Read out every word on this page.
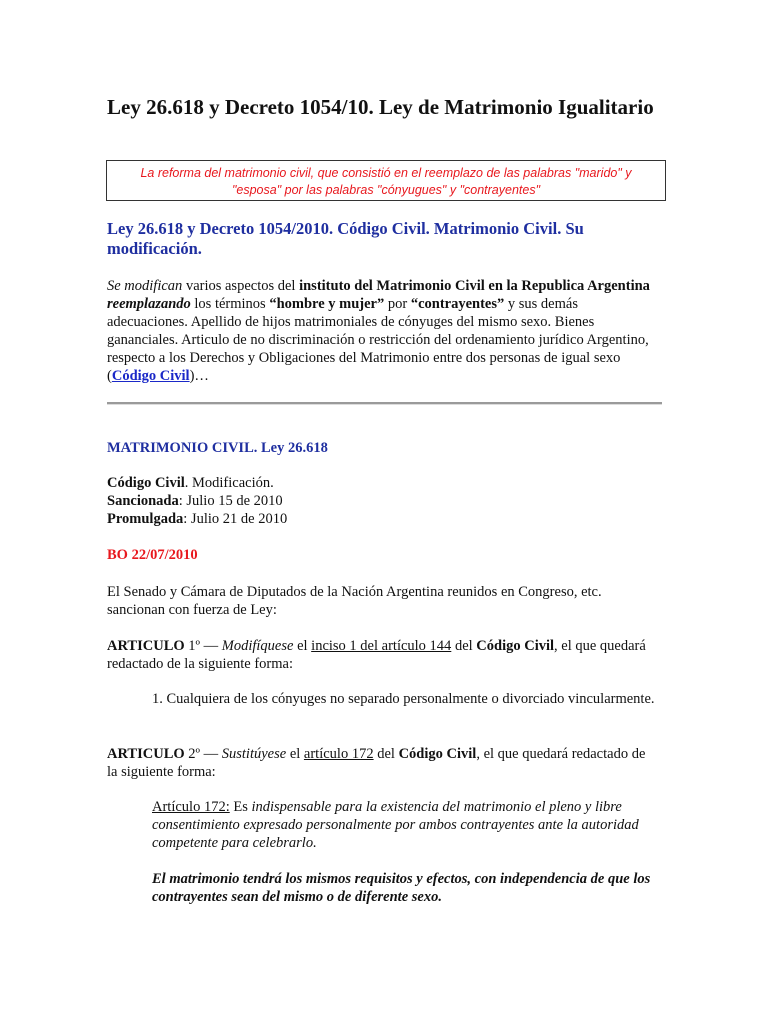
Ley 26.618 y Decreto 1054/10. Ley de Matrimonio Igualitario
La reforma del matrimonio civil, que consistió en el reemplazo de las palabras "marido" y "esposa" por las palabras "cónyugues" y "contrayentes"
Ley 26.618 y Decreto 1054/2010. Código Civil. Matrimonio Civil. Su modificación.

Se modifican varios aspectos del instituto del Matrimonio Civil en la Republica Argentina reemplazando los términos “hombre y mujer” por “contrayentes” y sus demás adecuaciones. Apellido de hijos matrimoniales de cónyuges del mismo sexo. Bienes gananciales. Articulo de no discriminación o restricción del ordenamiento jurídico Argentino, respecto a los Derechos y Obligaciones del Matrimonio entre dos personas de igual sexo (Código Civil)…

MATRIMONIO CIVIL. Ley 26.618

Código Civil. Modificación.
Sancionada: Julio 15 de 2010
Promulgada: Julio 21 de 2010

BO 22/07/2010

El Senado y Cámara de Diputados de la Nación Argentina reunidos en Congreso, etc. sancionan con fuerza de Ley:

ARTICULO 1º — Modifíquese el inciso 1 del artículo 144 del Código Civil, el que quedará redactado de la siguiente forma:

1. Cualquiera de los cónyuges no separado personalmente o divorciado vincularmente.

ARTICULO 2º — Sustitúyese el artículo 172 del Código Civil, el que quedará redactado de la siguiente forma:

Artículo 172: Es indispensable para la existencia del matrimonio el pleno y libre consentimiento expresado personalmente por ambos contrayentes ante la autoridad competente para celebrarlo.

El matrimonio tendrá los mismos requisitos y efectos, con independencia de que los contrayentes sean del mismo o de diferente sexo.
